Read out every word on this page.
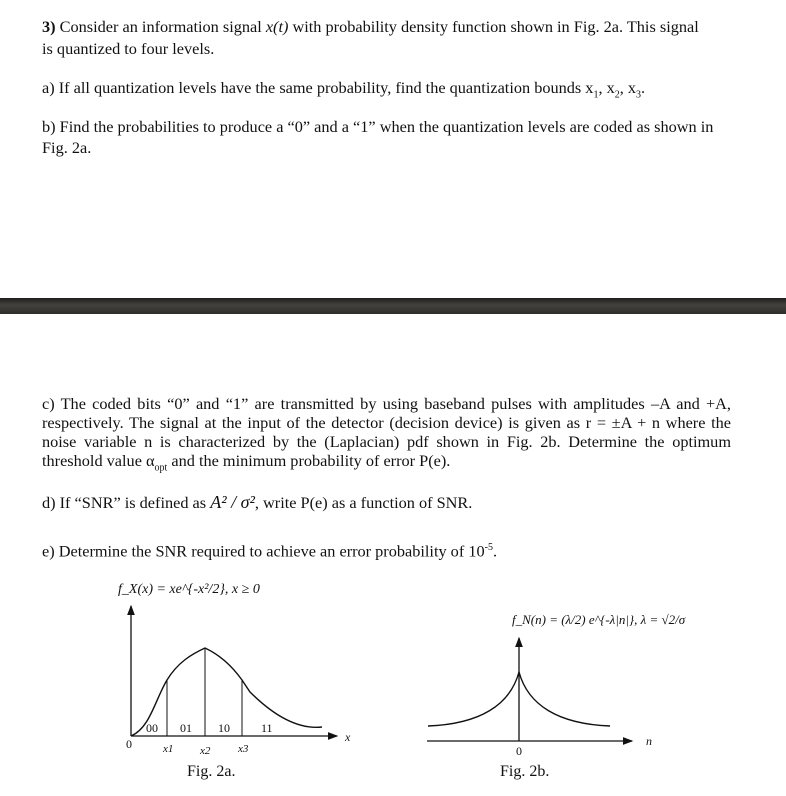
3) Consider an information signal x(t) with probability density function shown in Fig. 2a. This signal
is quantized to four levels.
a) If all quantization levels have the same probability, find the quantization bounds $x_1$, $x_2$, $x_3$.
b) Find the probabilities to produce a “0” and a “1” when the quantization levels are coded as shown in
Fig. 2a.
c) The coded bits “0” and “1” are transmitted by using baseband pulses with amplitudes –A and +A,
respectively. The signal at the input of the detector (decision device) is given as r = ±A + n where the
noise variable n is characterized by the (Laplacian) pdf shown in Fig. 2b. Determine the optimum
threshold value $\alpha_{opt}$ and the minimum probability of error P(e).
d) If “SNR” is defined as A² / σ², write P(e) as a function of SNR.
e) Determine the SNR required to achieve an error probability of $10^{-5}$.
f_X(x) = xe^{-x²/2}, x ≥ 0
00 01 10	11
0	x1 x2	x3
x
Fig. 2a.
f_N(n) = (λ/2) e^{-λ|n|}, λ = √2/σ
0
n
Fig. 2b.
